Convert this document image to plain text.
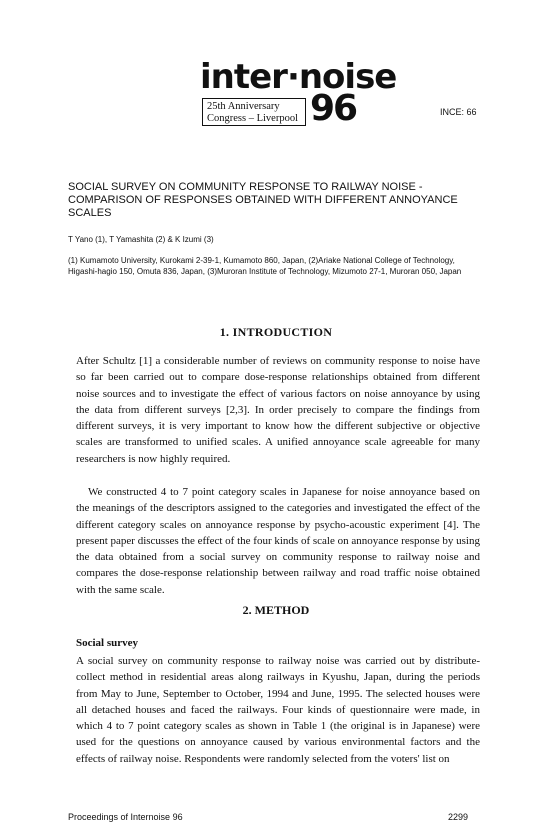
inter·noise
25th Anniversary
Congress – Liverpool 96	INCE: 66
SOCIAL SURVEY ON COMMUNITY RESPONSE TO RAILWAY NOISE - COMPARISON OF RESPONSES OBTAINED WITH DIFFERENT ANNOYANCE SCALES
T Yano (1), T Yamashita (2) & K Izumi (3)
(1) Kumamoto University, Kurokami 2-39-1, Kumamoto 860, Japan, (2)Ariake National College of Technology, Higashi-hagio 150, Omuta 836, Japan, (3)Muroran Institute of Technology, Mizumoto 27-1, Muroran 050, Japan
1. INTRODUCTION
After Schultz [1] a considerable number of reviews on community response to noise have so far been carried out to compare dose-response relationships obtained from different noise sources and to investigate the effect of various factors on noise annoyance by using the data from different surveys [2,3]. In order precisely to compare the findings from different surveys, it is very important to know how the different subjective or objective scales are transformed to unified scales. A unified annoyance scale agreeable for many researchers is now highly required.
We constructed 4 to 7 point category scales in Japanese for noise annoyance based on the meanings of the descriptors assigned to the categories and investigated the effect of the different category scales on annoyance response by psycho-acoustic experiment [4]. The present paper discusses the effect of the four kinds of scale on annoyance response by using the data obtained from a social survey on community response to railway noise and compares the dose-response relationship between railway and road traffic noise obtained with the same scale.
2. METHOD
Social survey
A social survey on community response to railway noise was carried out by distribute-collect method in residential areas along railways in Kyushu, Japan, during the periods from May to June, September to October, 1994 and June, 1995. The selected houses were all detached houses and faced the railways. Four kinds of questionnaire were made, in which 4 to 7 point category scales as shown in Table 1 (the original is in Japanese) were used for the questions on annoyance caused by various environmental factors and the effects of railway noise. Respondents were randomly selected from the voters' list on
Proceedings of Internoise 96	2299
